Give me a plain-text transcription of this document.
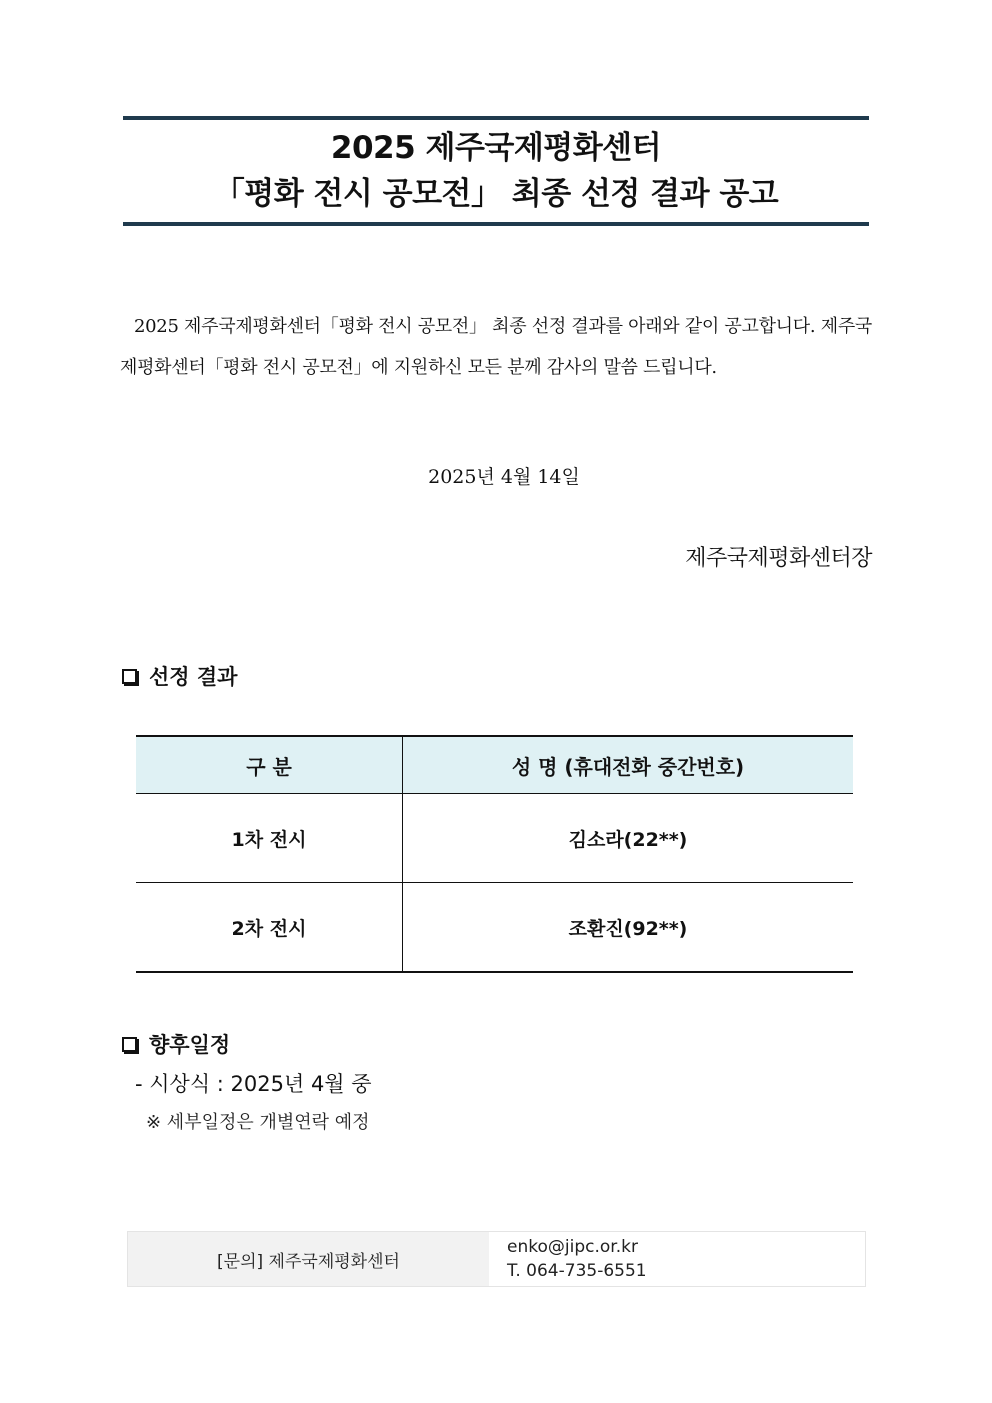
2025 제주국제평화센터
「평화 전시 공모전」 최종 선정 결과 공고
2025 제주국제평화센터「평화 전시 공모전」 최종 선정 결과를 아래와 같이 공고합니다. 제주국제평화센터「평화 전시 공모전」에 지원하신 모든 분께 감사의 말씀 드립니다.
2025년 4월 14일
제주국제평화센터장
선정 결과
구 분	성 명 (휴대전화 중간번호)
1차 전시	김소라(22**)
2차 전시	조환진(92**)
향후일정
- 시상식 : 2025년 4월 중
※ 세부일정은 개별연락 예정
[문의] 제주국제평화센터
enko@jipc.or.kr
T. 064-735-6551
